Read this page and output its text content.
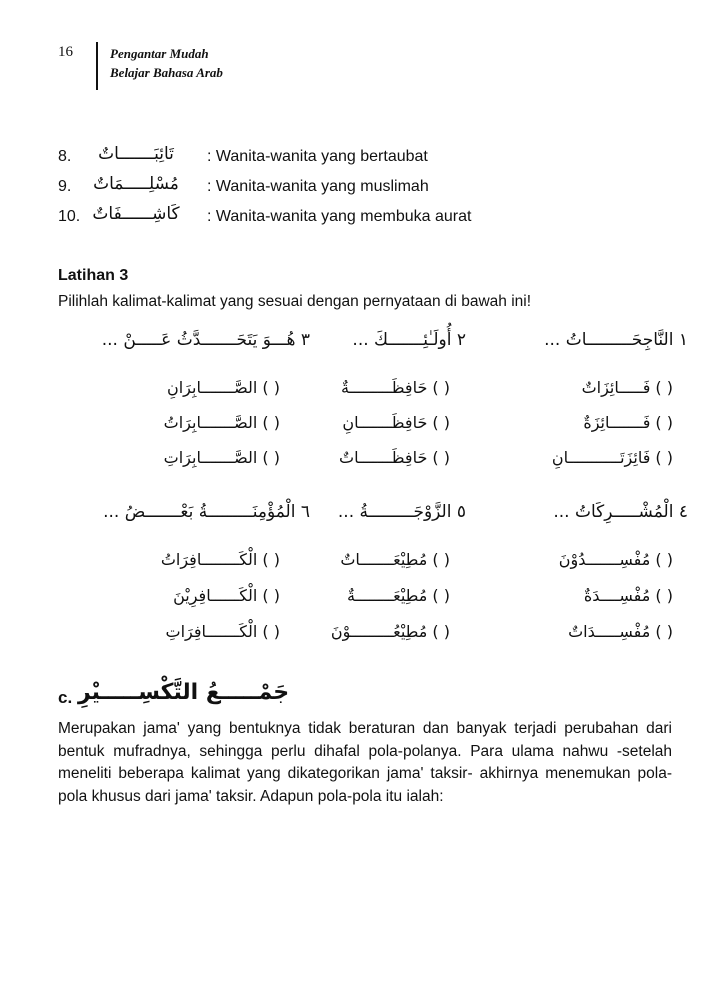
16	Pengantar Mudah
Belajar Bahasa Arab
8.	تَائِبَـــــــاتٌ	: Wanita-wanita yang bertaubat
9.	مُسْلِـــــمَاتٌ	: Wanita-wanita yang muslimah
10. كَاشِــــــفَاتٌ	: Wanita-wanita yang membuka aurat
Latihan 3
Pilihlah kalimat-kalimat yang sesuai dengan pernyataan di bawah ini!
١ النَّاجِحَـــــــــاتُ ...
٢ أُولَـٰئِـــــــكَ ...
٣ هُـــوَ يَتَحَـــــــدَّثُ عَـــــنْ ...
( ) فَـــــائِزَاتٌ
( ) فَـــــــائِزَةٌ
( ) فَائِزَتَـــــــــــانِ
( ) حَافِظَـــــــــةٌ
( ) حَافِظَـــــــانِ
( ) حَافِظَـــــــاتٌ
( ) الصَّـــــــابِرَانِ
( ) الصَّـــــــابِرَاتُ
( ) الصَّـــــــابِرَاتِ
٤ الْمُشْـــــرِكَاتُ ...
٥ الزَّوْجَـــــــــةُ ...
٦ الْمُؤْمِنَـــــــــةُ بَعْـــــــضُ ...
( ) مُفْسِـــــــدُوْنَ
( ) مُفْسِــــدَةٌ
( ) مُفْسِـــــدَاتٌ
( ) مُطِيْعَـــــــاتٌ
( ) مُطِيْعَــــــــةٌ
( ) مُطِيْعُـــــــــوْنَ
( ) الْكَــــــــافِرَاتُ
( ) الْكَــــــافِرِيْنَ
( ) الْكَـــــــافِرَاتِ
c. جَمْـــــعُ التَّكْسِـــــيْرِ
Merupakan jama' yang bentuknya tidak beraturan dan banyak terjadi perubahan dari bentuk mufradnya, sehingga perlu dihafal pola-polanya. Para ulama nahwu -setelah meneliti beberapa kalimat yang dikategorikan jama' taksir- akhirnya menemukan pola-pola khusus dari jama' taksir. Adapun pola-pola itu ialah:
